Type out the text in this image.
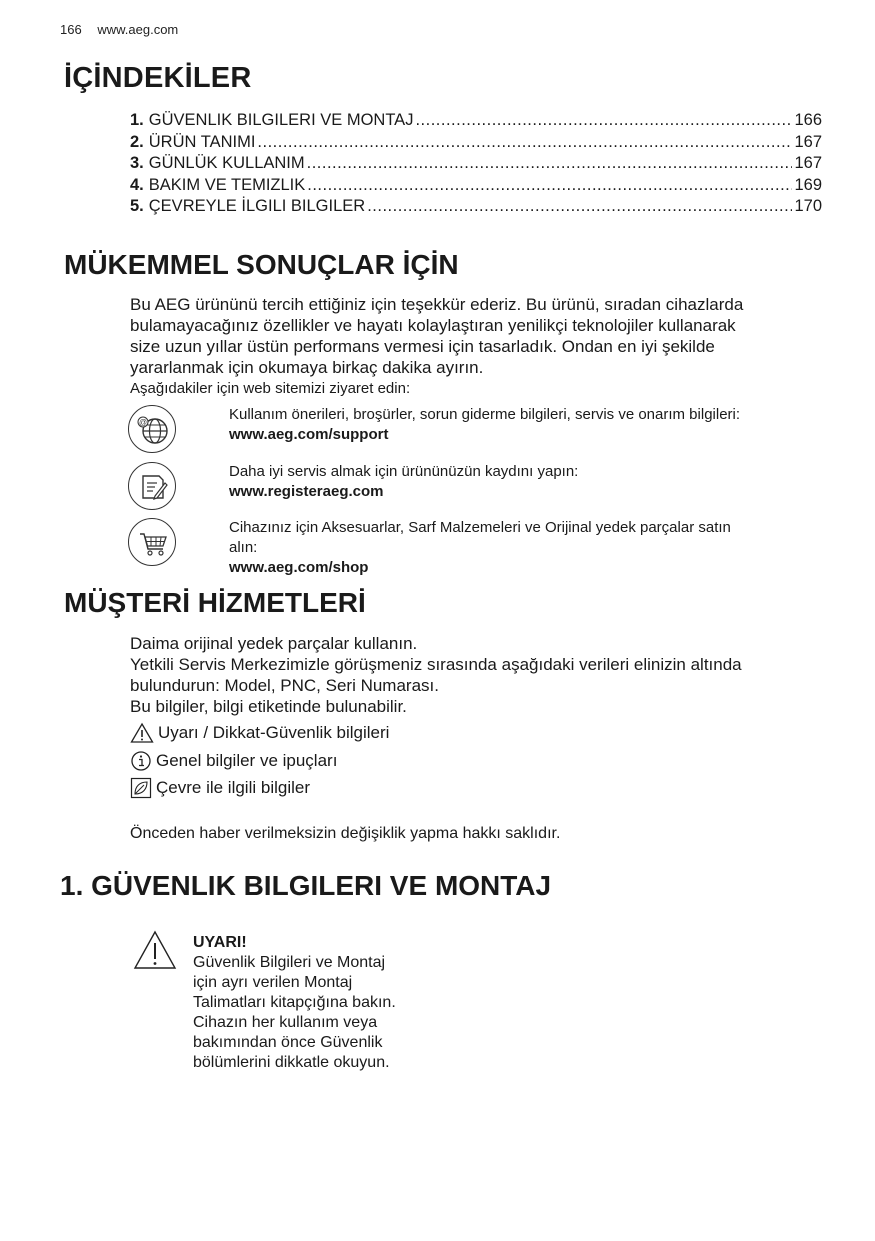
166 www.aeg.com
İÇİNDEKİLER
1. GÜVENLIK BILGILERI VE MONTAJ .....	166
2. ÜRÜN TANIMI .....	167
3. GÜNLÜK KULLANIM .....	167
4. BAKIM VE TEMIZLIK .....	169
5. ÇEVREYLE İLGILI BILGILER .....	170
MÜKEMMEL SONUÇLAR İÇİN
Bu AEG ürününü tercih ettiğiniz için teşekkür ederiz. Bu ürünü, sıradan cihazlarda
bulamayacağınız özellikler ve hayatı kolaylaştıran yenilikçi teknolojiler kullanarak
size uzun yıllar üstün performans vermesi için tasarladık. Ondan en iyi şekilde
yararlanmak için okumaya birkaç dakika ayırın.
Aşağıdakiler için web sitemizi ziyaret edin:
@	Kullanım önerileri, broşürler, sorun giderme bilgileri, servis ve onarım bilgileri:
www.aeg.com/support
Daha iyi servis almak için ürününüzün kaydını yapın:
www.registeraeg.com
Cihazınız için Aksesuarlar, Sarf Malzemeleri ve Orijinal yedek parçalar satın
alın:
www.aeg.com/shop
MÜŞTERİ HİZMETLERİ
Daima orijinal yedek parçalar kullanın.
Yetkili Servis Merkezimizle görüşmeniz sırasında aşağıdaki verileri elinizin altında
bulundurun: Model, PNC, Seri Numarası.
Bu bilgiler, bilgi etiketinde bulunabilir.
Uyarı / Dikkat-Güvenlik bilgileri
Genel bilgiler ve ipuçları
Çevre ile ilgili bilgiler
Önceden haber verilmeksizin değişiklik yapma hakkı saklıdır.
1. GÜVENLIK BILGILERI VE MONTAJ
UYARI!
Güvenlik Bilgileri ve Montaj
için ayrı verilen Montaj
Talimatları kitapçığına bakın.
Cihazın her kullanım veya
bakımından önce Güvenlik
bölümlerini dikkatle okuyun.
